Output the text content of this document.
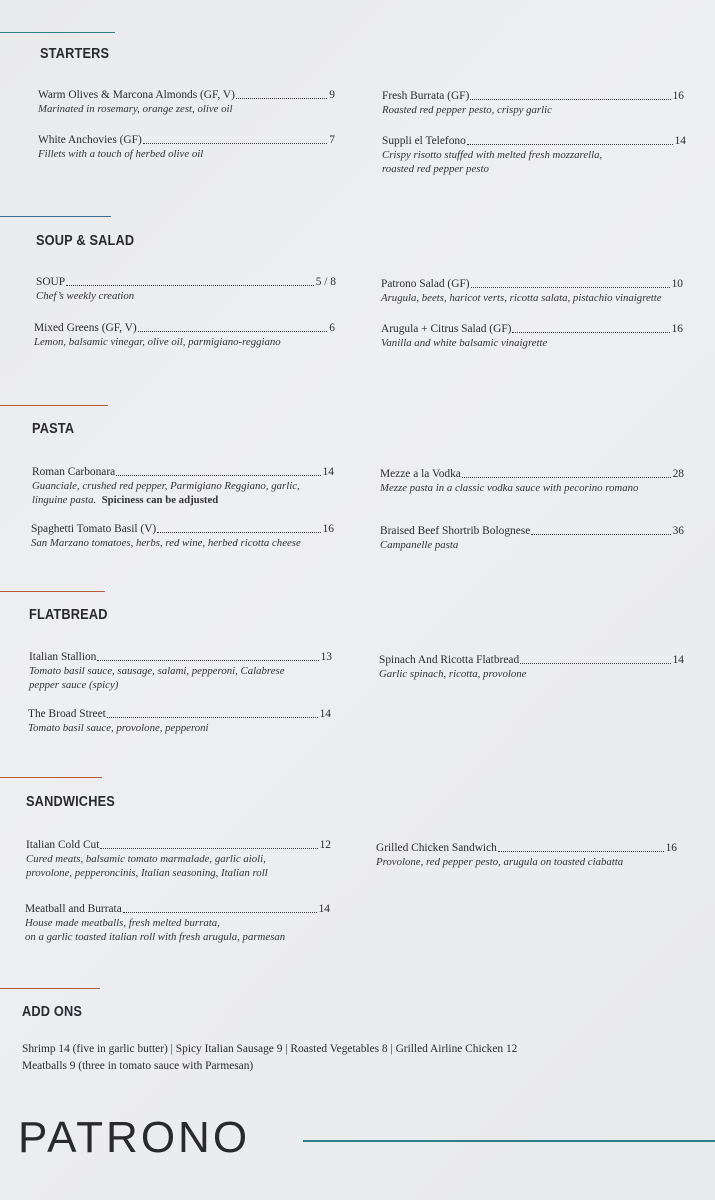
STARTERS
Warm Olives & Marcona Almonds (GF, V)	9
Marinated in rosemary, orange zest, olive oil
White Anchovies (GF)	7
Fillets with a touch of herbed olive oil
Fresh Burrata (GF)	16
Roasted red pepper pesto, crispy garlic
Suppli el Telefono	14
Crispy risotto stuffed with melted fresh mozzarella,
roasted red pepper pesto
SOUP & SALAD
SOUP	5 / 8
Chef’s weekly creation
Mixed Greens (GF, V)	6
Lemon, balsamic vinegar, olive oil, parmigiano-reggiano
Patrono Salad (GF)	10
Arugula, beets, haricot verts, ricotta salata, pistachio vinaigrette
Arugula + Citrus Salad (GF)	16
Vanilla and white balsamic vinaigrette
PASTA
Roman Carbonara	14
Guanciale, crushed red pepper, Parmigiano Reggiano, garlic,
linguine pasta. Spiciness can be adjusted
Spaghetti Tomato Basil (V)	16
San Marzano tomatoes, herbs, red wine, herbed ricotta cheese
Mezze a la Vodka	28
Mezze pasta in a classic vodka sauce with pecorino romano
Braised Beef Shortrib Bolognese	36
Campanelle pasta
FLATBREAD
Italian Stallion	13
Tomato basil sauce, sausage, salami, pepperoni, Calabrese
pepper sauce (spicy)
The Broad Street	14
Tomato basil sauce, provolone, pepperoni
Spinach And Ricotta Flatbread	14
Garlic spinach, ricotta, provolone
SANDWICHES
Italian Cold Cut	12
Cured meats, balsamic tomato marmalade, garlic aioli,
provolone, pepperoncinis, Italian seasoning, Italian roll
Meatball and Burrata	14
House made meatballs, fresh melted burrata,
on a garlic toasted italian roll with fresh arugula, parmesan
Grilled Chicken Sandwich	16
Provolone, red pepper pesto, arugula on toasted ciabatta
ADD ONS
Shrimp 14 (five in garlic butter) | Spicy Italian Sausage 9 | Roasted Vegetables 8 | Grilled Airline Chicken 12
Meatballs 9 (three in tomato sauce with Parmesan)
PATRONO
